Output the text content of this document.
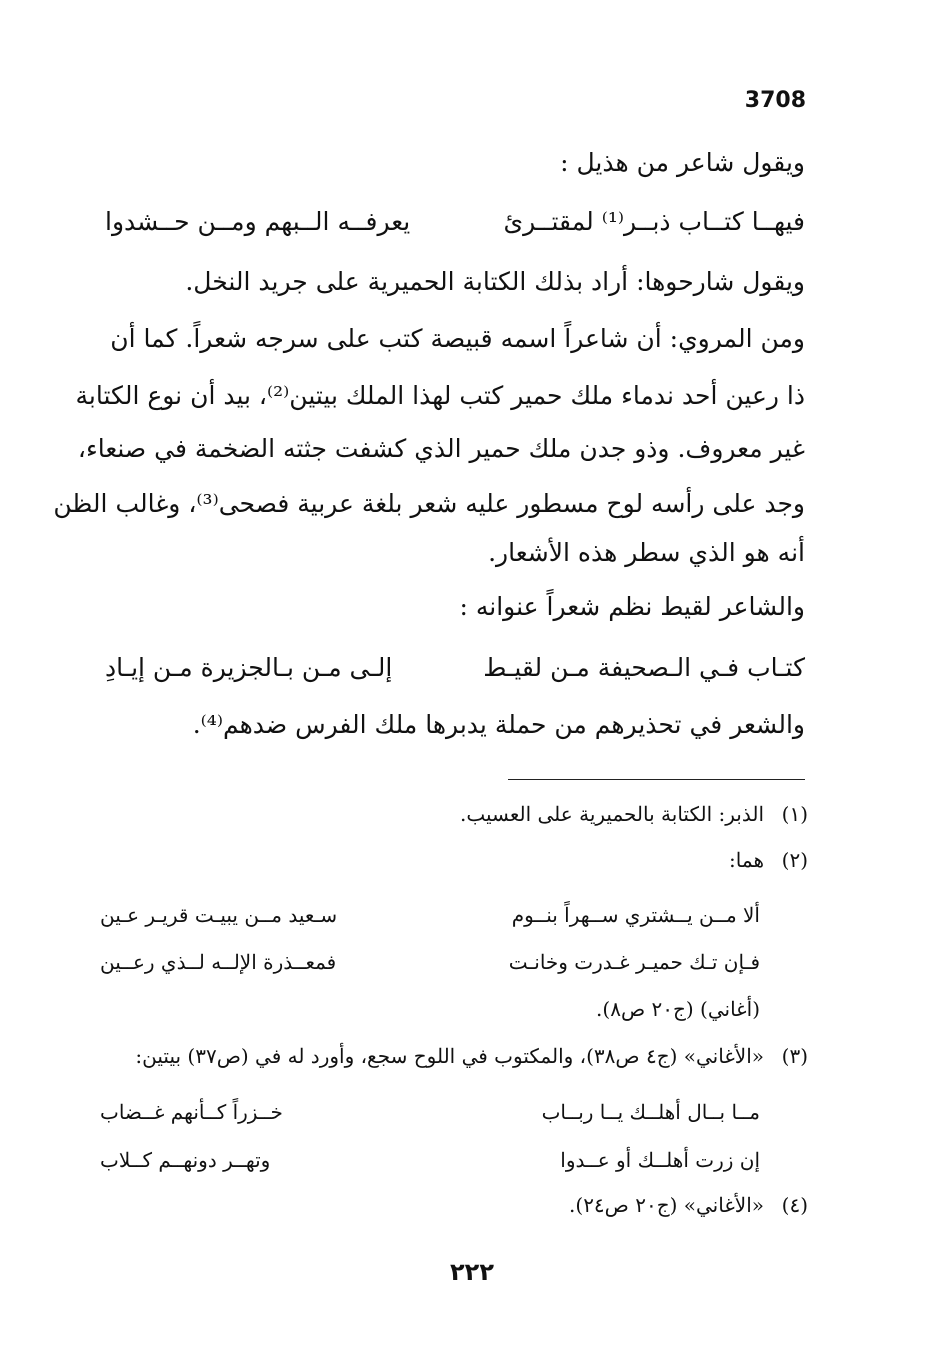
3708
ويقول شاعر من هذيل :
فيهــا كتــاب ذبــر⁽¹⁾ لمقتــرئ
يعرفــه الــبهم ومــن حــشدوا
ويقول شارحوها: أراد بذلك الكتابة الحميرية على جريد النخل.
ومن المروي: أن شاعراً اسمه قبيصة كتب على سرجه شعراً. كما أن
ذا رعين أحد ندماء ملك حمير كتب لهذا الملك بيتين⁽²⁾، بيد أن نوع الكتابة
غير معروف. وذو جدن ملك حمير الذي كشفت جثته الضخمة في صنعاء،
وجد على رأسه لوح مسطور عليه شعر بلغة عربية فصحى⁽³⁾، وغالب الظن
أنه هو الذي سطر هذه الأشعار.
والشاعر لقيط نظم شعراً عنوانه :
كتـاب فـي الـصحيفة مـن لقيـط
إلـى مـن بـالجزيرة مـن إيـادِ
والشعر في تحذيرهم من حملة يدبرها ملك الفرس ضدهم⁽⁴⁾.
(١)الذبر: الكتابة بالحميرية على العسيب.
(٢)هما:
ألا مــن يــشتري ســهراً بنــوم
سـعيد مــن يبيـت قريـر عـين
فـإن تـك حميـر غـدرت وخانـت
فمعــذرة الإلــه لــذي رعــين
(أغاني) (ج٢٠ ص٨).
(٣)«الأغاني» (ج٤ ص٣٨)، والمكتوب في اللوح سجع، وأورد له في (ص٣٧) بيتين:
مــا بــال أهلــك يــا ربــاب
خــزراً كــأنهم غــضاب
إن زرت أهلــك أو عــدوا
وتهــر دونهــم كــلاب
(٤)«الأغاني» (ج٢٠ ص٢٤).
٢٢٢
